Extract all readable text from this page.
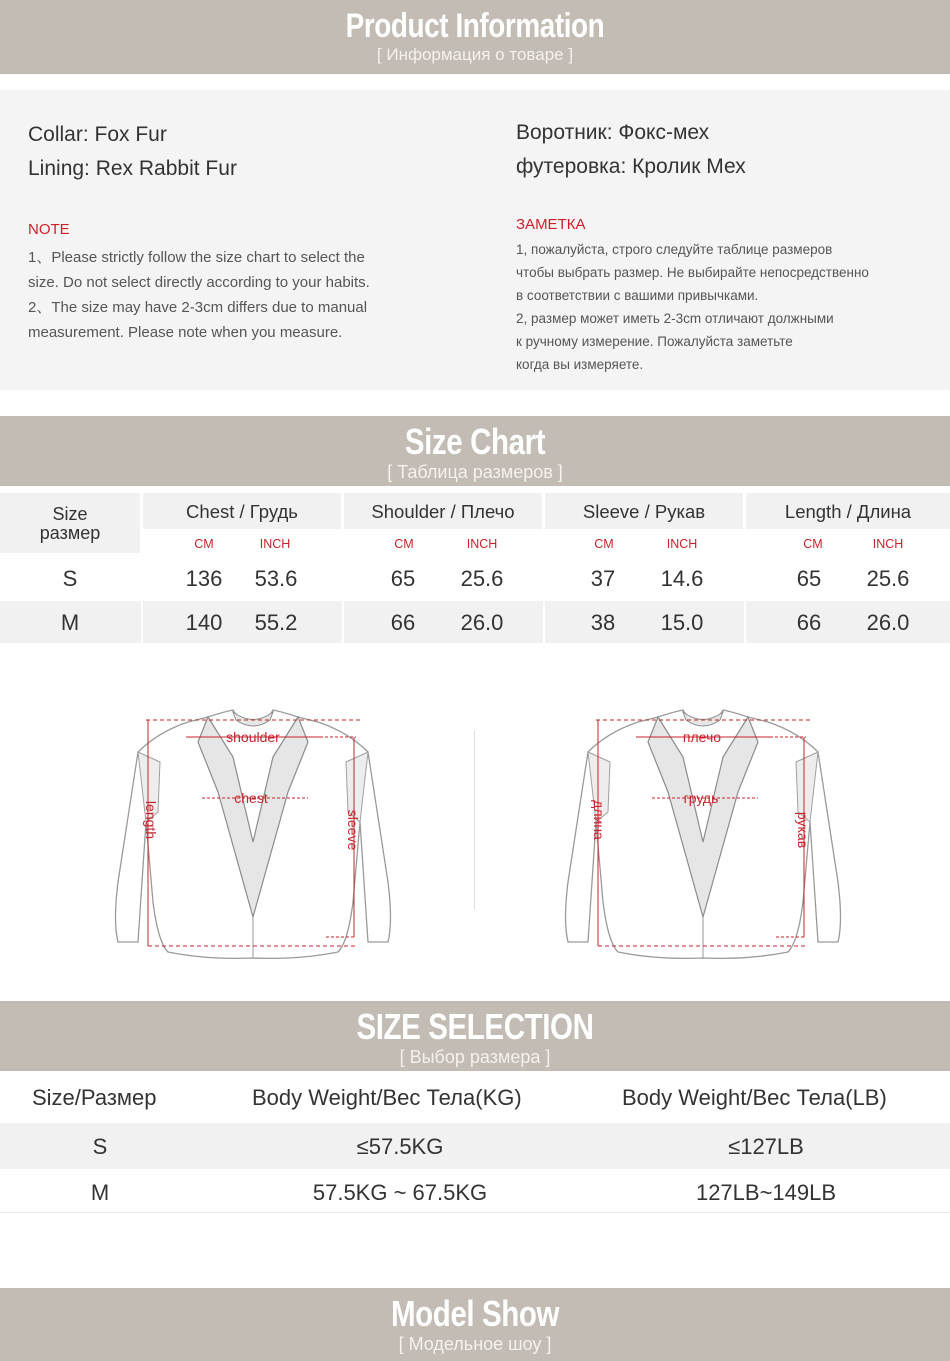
Product Information
[ Информация о товаре ]
Collar: Fox Fur
Lining: Rex Rabbit Fur
NOTE
1、Please strictly follow the size chart to select the
size. Do not select directly according to your habits.
2、The size may have 2-3cm differs due to manual
measurement. Please note when you measure.
Воротник: Фокс-мех
футеровка: Кролик Мех
ЗАМЕТКА
1, пожалуйста, строго следуйте таблице размеров
чтобы выбрать размер. Не выбирайте непосредственно
в соответствии с вашими привычками.
2, размер может иметь 2-3cm отличают должными
к ручному измерение. Пожалуйста заметьте
когда вы измеряете.
Size Chart
[ Таблица размеров ]
Size
размер
Chest / Грудь
CM	INCH
Shoulder / Плечо
CM	INCH
Sleeve / Рукав
CM	INCH
Length / Длина
CM	INCH
S	136	53.6	65	25.6	37	14.6	65	25.6
M	140	55.2	66	26.0	38	15.0	66	26.0
shoulder
chest
length	sleeve
плечо
грудь
длина	рукав
SIZE SELECTION
[ Выбор размера ]
Size/Размер	Body Weight/Вес Тела(KG)	Body Weight/Вес Тела(LB)
S	≤57.5KG	≤127LB
M	57.5KG ~ 67.5KG	127LB~149LB
Model Show
[ Модельное шоу ]
